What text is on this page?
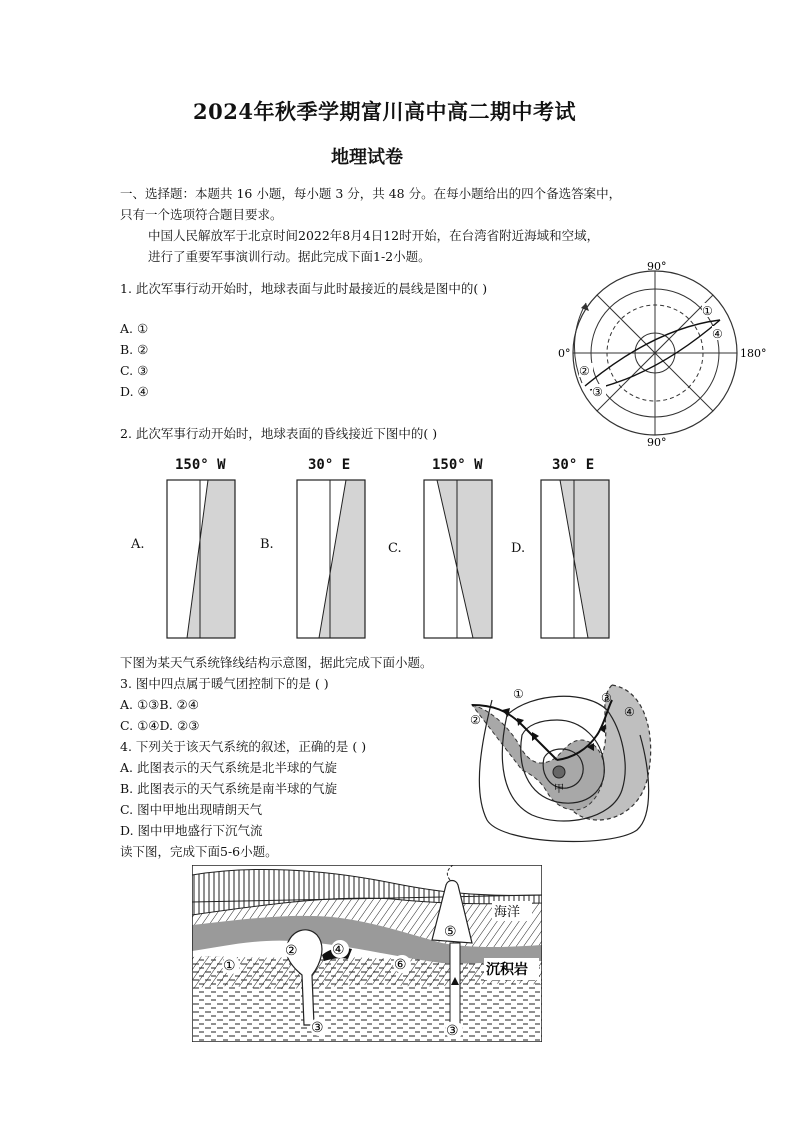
2024年秋季学期富川高中高二期中考试
地理试卷
一、选择题：本题共 16 小题，每小题 3 分，共 48 分。在每小题给出的四个备选答案中，
只有一个选项符合题目要求。
中国人民解放军于北京时间2022年8月4日12时开始，在台湾省附近海域和空域，
进行了重要军事演训行动。据此完成下面1-2小题。
1. 此次军事行动开始时，地球表面与此时最接近的晨线是图中的( )
A. ①
B. ②
C. ③
D. ④
90°
90°
0°	180°
①
②
③
④
2. 此次军事行动开始时，地球表面的昏线接近下图中的( )
150° W
A.
30° E
B.
150° W
C.
30° E
D.
下图为某天气系统锋线结构示意图，据此完成下面小题。
3. 图中四点属于暖气团控制下的是 ( )
A. ①③B. ②④
C. ①④D. ②③
4. 下列关于该天气系统的叙述，正确的是 ( )
A. 此图表示的天气系统是北半球的气旋
B. 此图表示的天气系统是南半球的气旋
C. 图中甲地出现晴朗天气
D. 图中甲地盛行下沉气流
①
②
③
④
甲
读下图，完成下面5-6小题。
海洋
沉积岩
①
②
③
④
⑤
⑥
③
